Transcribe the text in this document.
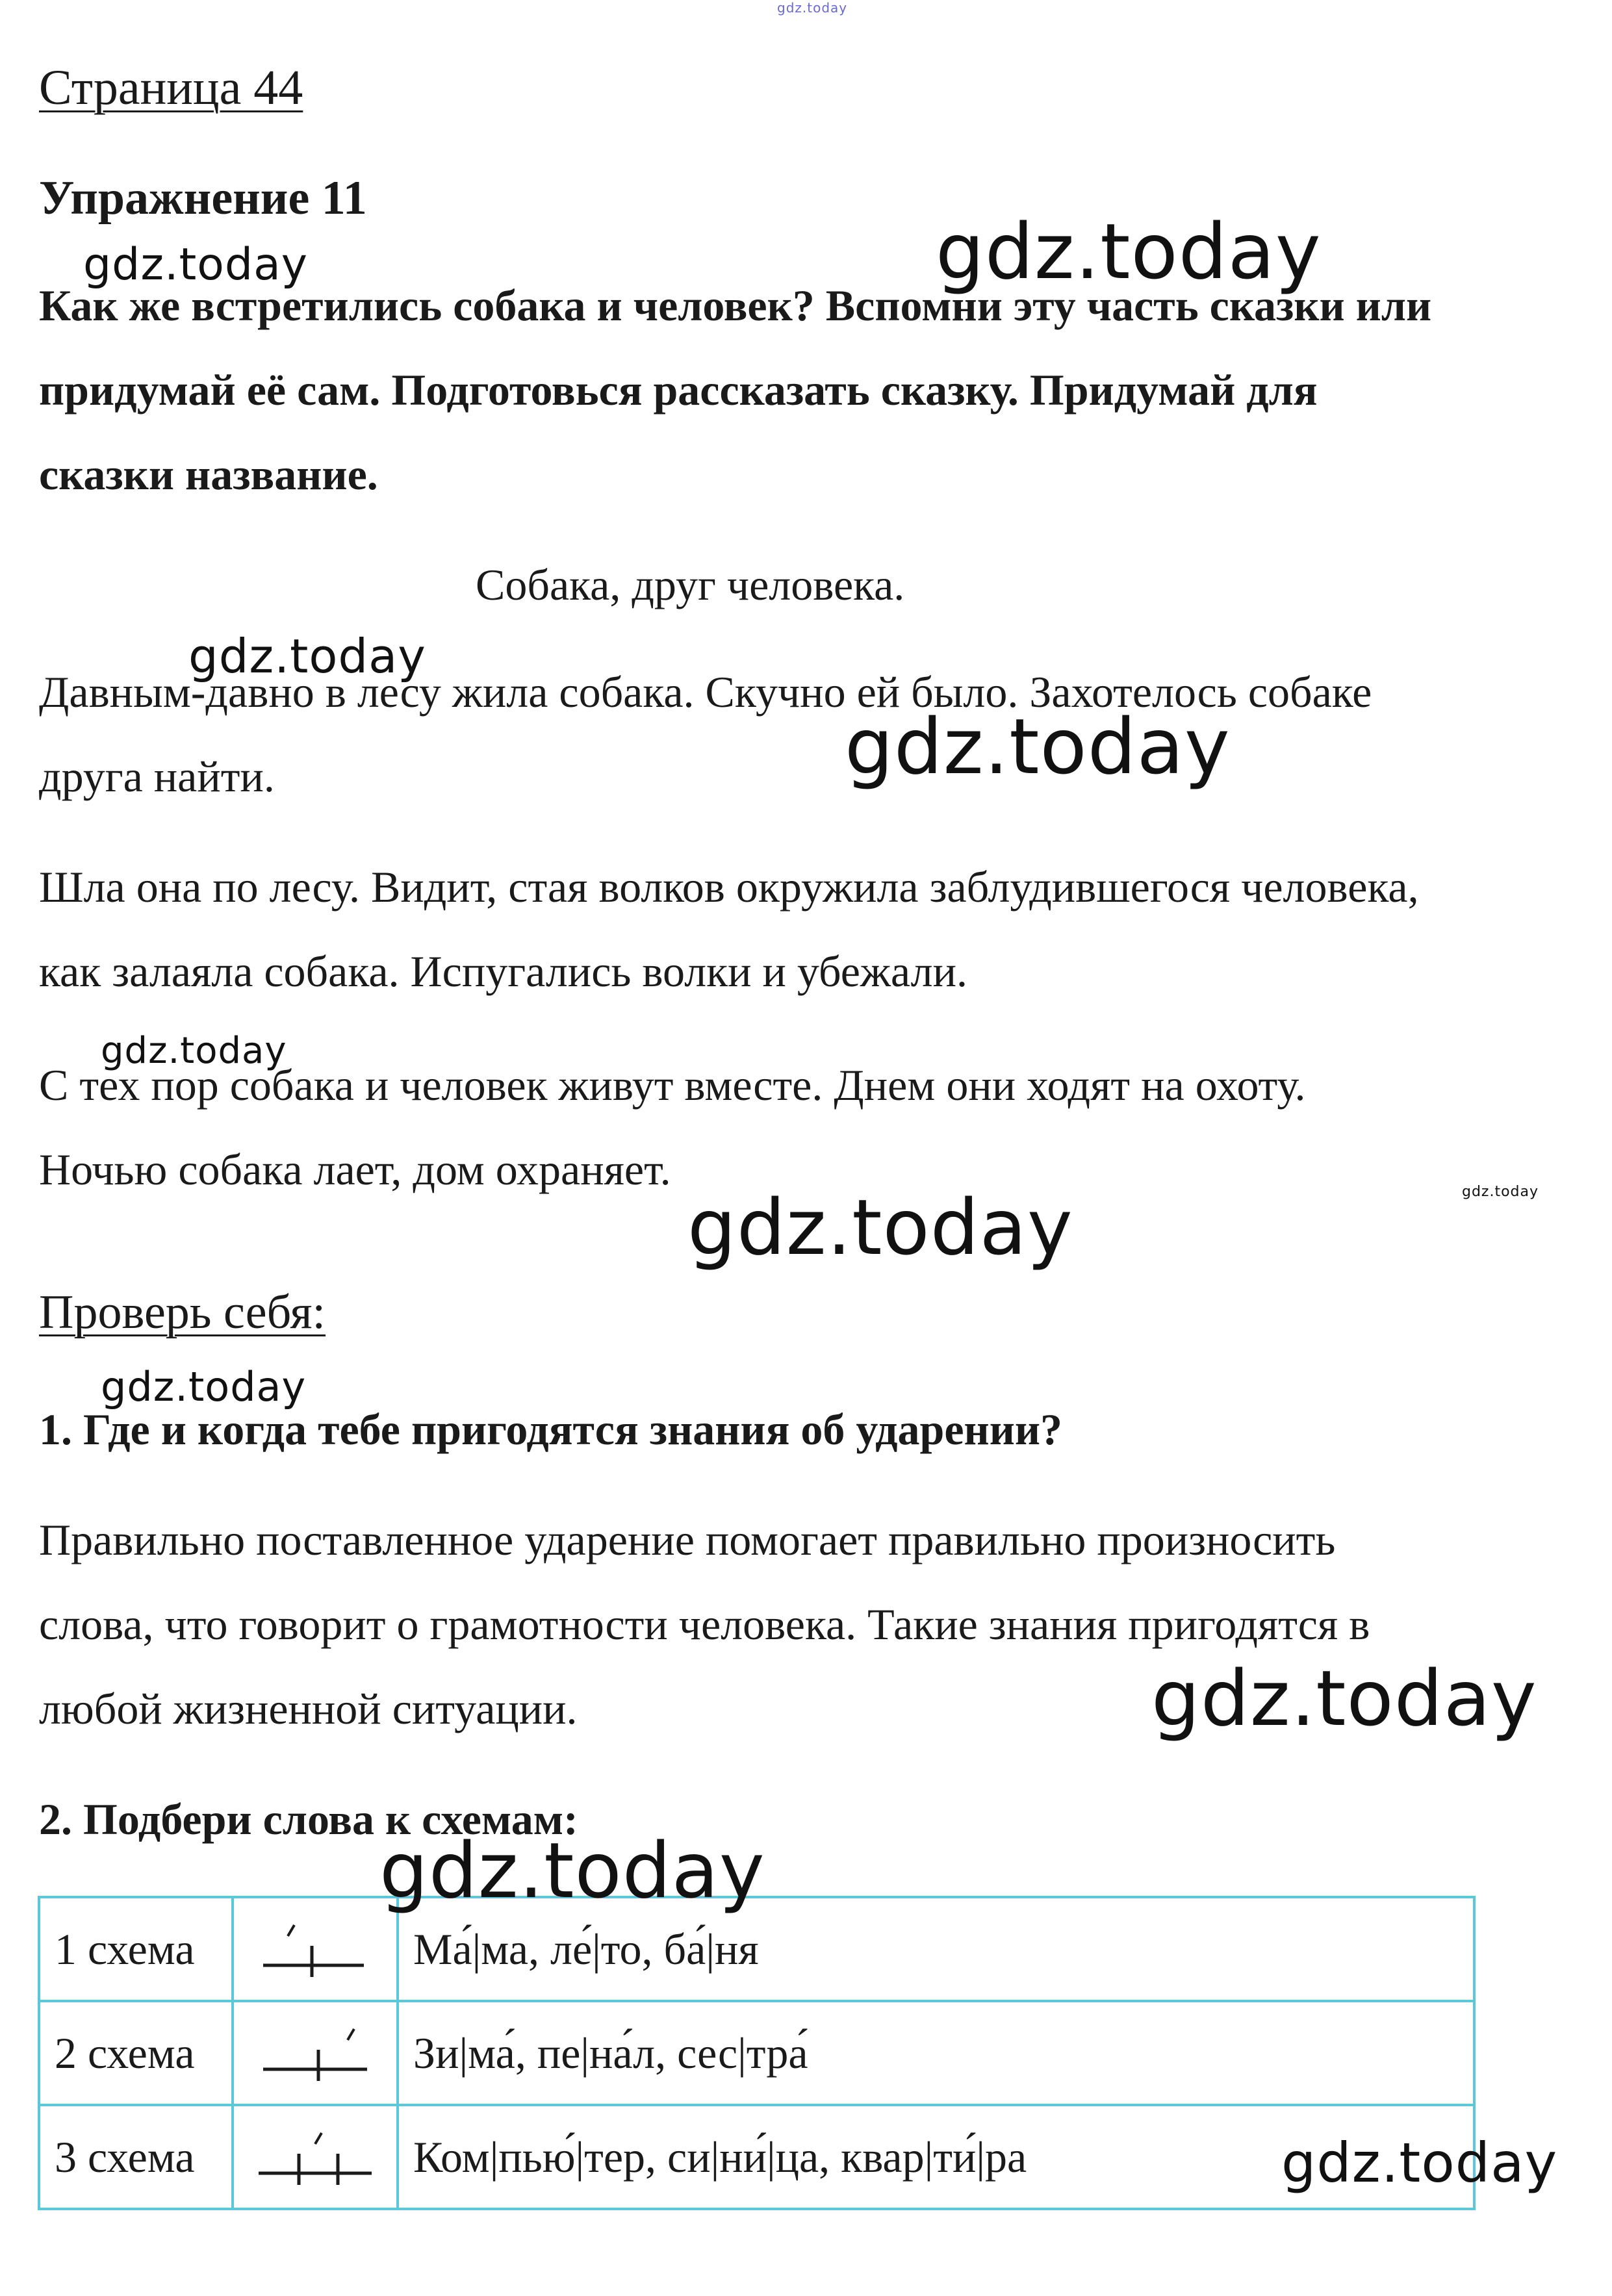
gdz.today
Страница 44
Упражнение 11
Как же встретились собака и человек? Вспомни эту часть сказки или
придумай её сам. Подготовься рассказать сказку. Придумай для
сказки название.
Собака, друг человека.
Давным-давно в лесу жила собака. Скучно ей было. Захотелось собаке
друга найти.
Шла она по лесу. Видит, стая волков окружила заблудившегося человека,
как залаяла собака. Испугались волки и убежали.
С тех пор собака и человек живут вместе. Днем они ходят на охоту.
Ночью собака лает, дом охраняет.
Проверь себя:
1. Где и когда тебе пригодятся знания об ударении?
Правильно поставленное ударение помогает правильно произносить
слова, что говорит о грамотности человека. Такие знания пригодятся в
любой жизненной ситуации.
2. Подбери слова к схемам:
1 схема		Ма́|ма, ле́|то, ба́|ня
2 схема		Зи|ма́, пе|на́л, сес|тра́
3 схема		Ком|пью́|тер, си|ни́|ца, квар|ти́|ра
gdz.today
gdz.today
gdz.today
gdz.today
gdz.today
gdz.today
gdz.today
gdz.today
gdz.today
gdz.today
gdz.today
